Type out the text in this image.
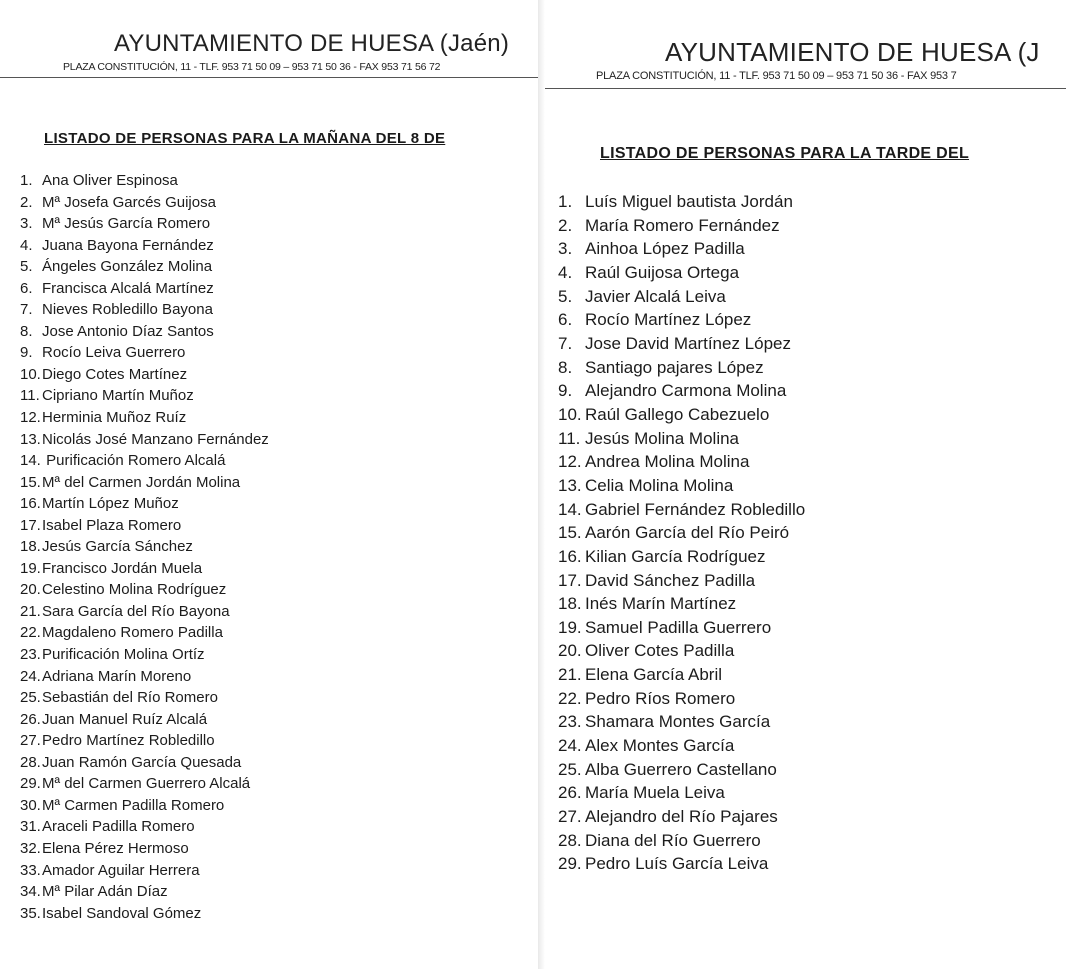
AYUNTAMIENTO DE HUESA (Jaén)
PLAZA CONSTITUCIÓN, 11 - TLF. 953 71 50 09 – 953 71 50 36 - FAX 953 71 56 72
LISTADO DE PERSONAS PARA LA MAÑANA DEL 8 DE
1. Ana Oliver Espinosa
2. Mª Josefa Garcés Guijosa
3. Mª Jesús García Romero
4. Juana Bayona Fernández
5. Ángeles González Molina
6. Francisca Alcalá Martínez
7. Nieves Robledillo Bayona
8. Jose Antonio Díaz Santos
9. Rocío Leiva Guerrero
10.Diego Cotes Martínez
11. Cipriano Martín Muñoz
12.Herminia Muñoz Ruíz
13.Nicolás José Manzano Fernández
14. Purificación Romero Alcalá
15.Mª del Carmen Jordán Molina
16.Martín López Muñoz
17.Isabel Plaza Romero
18.Jesús García Sánchez
19.Francisco Jordán Muela
20.Celestino Molina Rodríguez
21.Sara García del Río Bayona
22.Magdaleno Romero Padilla
23.Purificación Molina Ortíz
24.Adriana Marín Moreno
25.Sebastián del Río Romero
26.Juan Manuel Ruíz Alcalá
27.Pedro Martínez Robledillo
28.Juan Ramón García Quesada
29.Mª del Carmen Guerrero Alcalá
30.Mª Carmen Padilla Romero
31.Araceli Padilla Romero
32.Elena Pérez Hermoso
33.Amador Aguilar Herrera
34.Mª Pilar Adán Díaz
35.Isabel Sandoval Gómez
AYUNTAMIENTO DE HUESA (J
PLAZA CONSTITUCIÓN, 11 - TLF. 953 71 50 09 – 953 71 50 36 - FAX 953 7
LISTADO DE PERSONAS PARA LA TARDE DEL
1. Luís Miguel bautista Jordán
2. María Romero Fernández
3. Ainhoa López Padilla
4. Raúl Guijosa Ortega
5. Javier Alcalá Leiva
6. Rocío Martínez López
7. Jose David Martínez López
8. Santiago pajares López
9. Alejandro Carmona Molina
10. Raúl Gallego Cabezuelo
11. Jesús Molina Molina
12. Andrea Molina Molina
13. Celia Molina Molina
14. Gabriel Fernández Robledillo
15. Aarón García del Río Peiró
16. Kilian García Rodríguez
17. David Sánchez Padilla
18. Inés Marín Martínez
19. Samuel Padilla Guerrero
20. Oliver Cotes Padilla
21. Elena García Abril
22. Pedro Ríos Romero
23. Shamara Montes García
24. Alex Montes García
25. Alba Guerrero Castellano
26. María Muela Leiva
27. Alejandro del Río Pajares
28. Diana del Río Guerrero
29. Pedro Luís García Leiva
